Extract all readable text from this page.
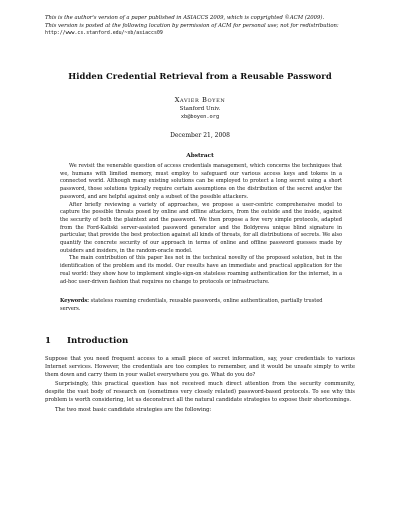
This is the author's version of a paper published in ASIACCS 2009, which is copyrighted ©ACM (2009).
This version is posted at the following location by permission of ACM for personal use; not for redistribution:
http://www.cs.stanford.edu/~xb/asiaccs09
Hidden Credential Retrieval from a Reusable Password
Xavier Boyen
Stanford Univ.
xb@boyen.org
December 21, 2008
Abstract

We revisit the venerable question of access credentials management, which concerns the techniques that we, humans with limited memory, must employ to safeguard our various access keys and tokens in a connected world. Although many existing solutions can be employed to protect a long secret using a short password, those solutions typically require certain assumptions on the distribution of the secret and/or the password, and are helpful against only a subset of the possible attackers.

After briefly reviewing a variety of approaches, we propose a user-centric comprehensive model to capture the possible threats posed by online and offline attackers, from the outside and the inside, against the security of both the plaintext and the password. We then propose a few very simple protocols, adapted from the Ford-Kaliski server-assisted password generator and the Boldyreva unique blind signature in particular, that provide the best protection against all kinds of threats, for all distributions of secrets. We also quantify the concrete security of our approach in terms of online and offline password guesses made by outsiders and insiders, in the random-oracle model.

The main contribution of this paper lies not in the technical novelty of the proposed solution, but in the identification of the problem and its model. Our results have an immediate and practical application for the real world: they show how to implement single-sign-on stateless roaming authentication for the internet, in a ad-hoc user-driven fashion that requires no change to protocols or infrastructure.

Keywords: stateless roaming credentials, reusable passwords, online authentication, partially trusted servers.
1 Introduction

Suppose that you need frequent access to a small piece of secret information, say, your credentials to various Internet services. However, the credentials are too complex to remember, and it would be unsafe simply to write them down and carry them in your wallet everywhere you go. What do you do?

Surprisingly, this practical question has not received much direct attention from the security community, despite the vast body of research on (sometimes very closely related) password-based protocols. To see why this problem is worth considering, let us deconstruct all the natural candidate strategies to expose their shortcomings.

The two most basic candidate strategies are the following:
